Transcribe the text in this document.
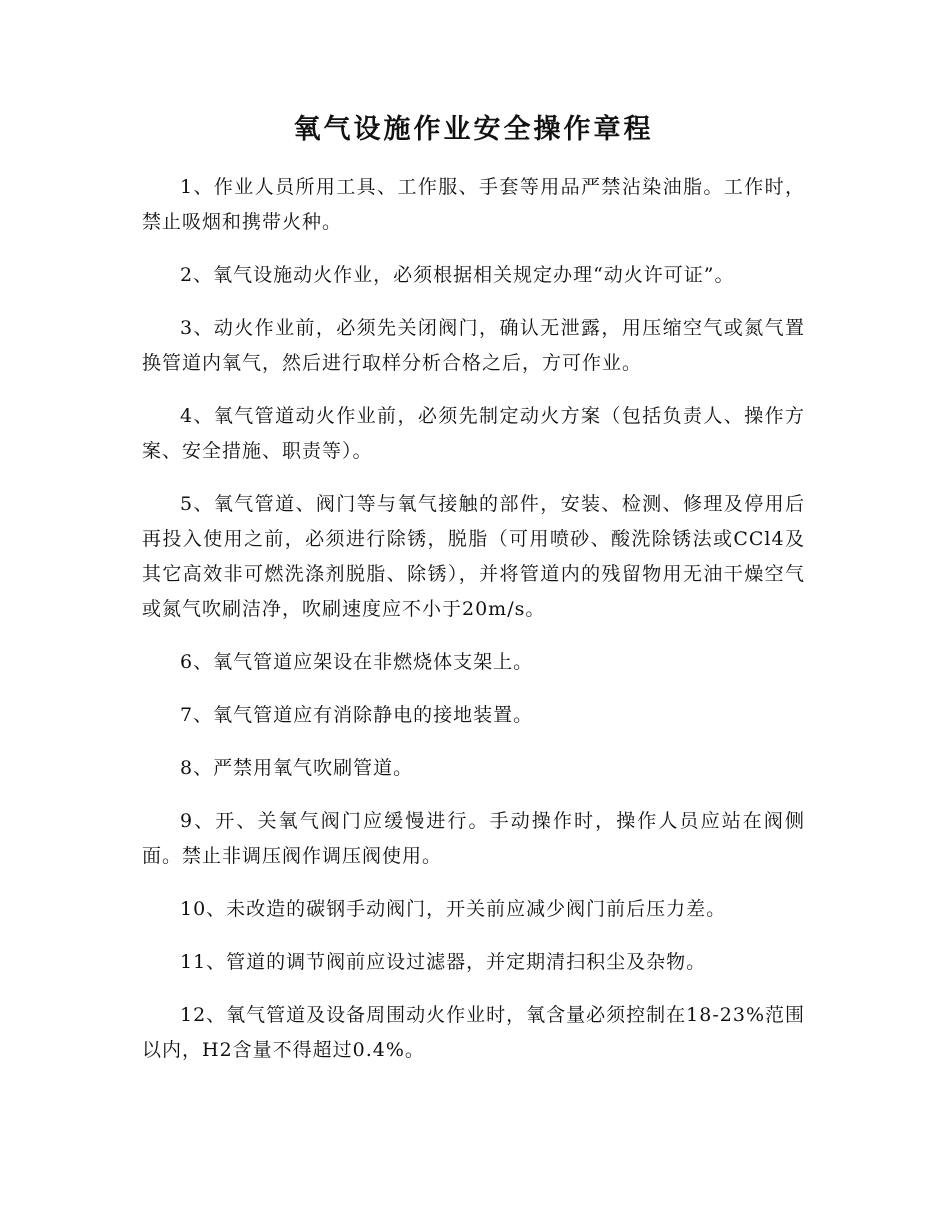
氧气设施作业安全操作章程

1、作业人员所用工具、工作服、手套等用品严禁沾染油脂。工作时，禁止吸烟和携带火种。

2、氧气设施动火作业，必须根据相关规定办理“动火许可证”。

3、动火作业前，必须先关闭阀门，确认无泄露，用压缩空气或氮气置换管道内氧气，然后进行取样分析合格之后，方可作业。

4、氧气管道动火作业前，必须先制定动火方案（包括负责人、操作方案、安全措施、职责等）。

5、氧气管道、阀门等与氧气接触的部件，安装、检测、修理及停用后再投入使用之前，必须进行除锈，脱脂（可用喷砂、酸洗除锈法或CCl4及其它高效非可燃洗涤剂脱脂、除锈），并将管道内的残留物用无油干燥空气或氮气吹刷洁净，吹刷速度应不小于20m/s。

6、氧气管道应架设在非燃烧体支架上。

7、氧气管道应有消除静电的接地装置。

8、严禁用氧气吹刷管道。

9、开、关氧气阀门应缓慢进行。手动操作时，操作人员应站在阀侧面。禁止非调压阀作调压阀使用。

10、未改造的碳钢手动阀门，开关前应减少阀门前后压力差。

11、管道的调节阀前应设过滤器，并定期清扫积尘及杂物。

12、氧气管道及设备周围动火作业时，氧含量必须控制在18-23%范围以内，H2含量不得超过0.4%。
